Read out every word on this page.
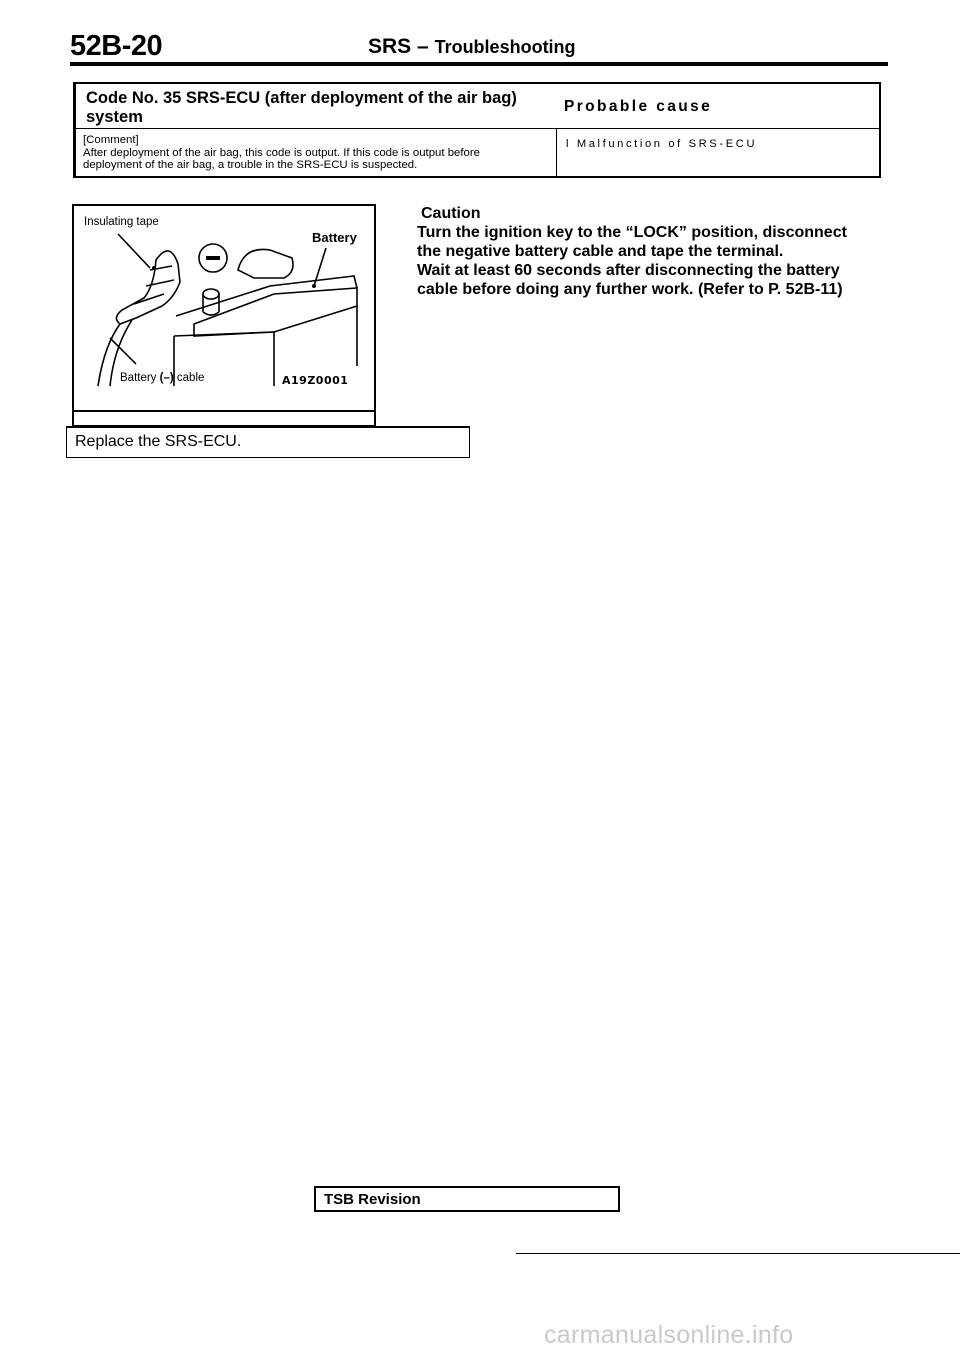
52B-20	SRS – Troubleshooting
Code No. 35 SRS-ECU (after deployment of the air bag)
system
Probable cause
[Comment]
After deployment of the air bag, this code is output. If this code is output before
deployment of the air bag, a trouble in the SRS-ECU is suspected.
l Malfunction of SRS-ECU
Insulating tape
Battery
Battery (–) cable	A19Z0001
Caution
Turn the ignition key to the “LOCK” position, disconnect
the negative battery cable and tape the terminal.
Wait at least 60 seconds after disconnecting the battery
cable before doing any further work. (Refer to P. 52B-11)
Replace the SRS-ECU.
TSB Revision
carmanualsonline.info
